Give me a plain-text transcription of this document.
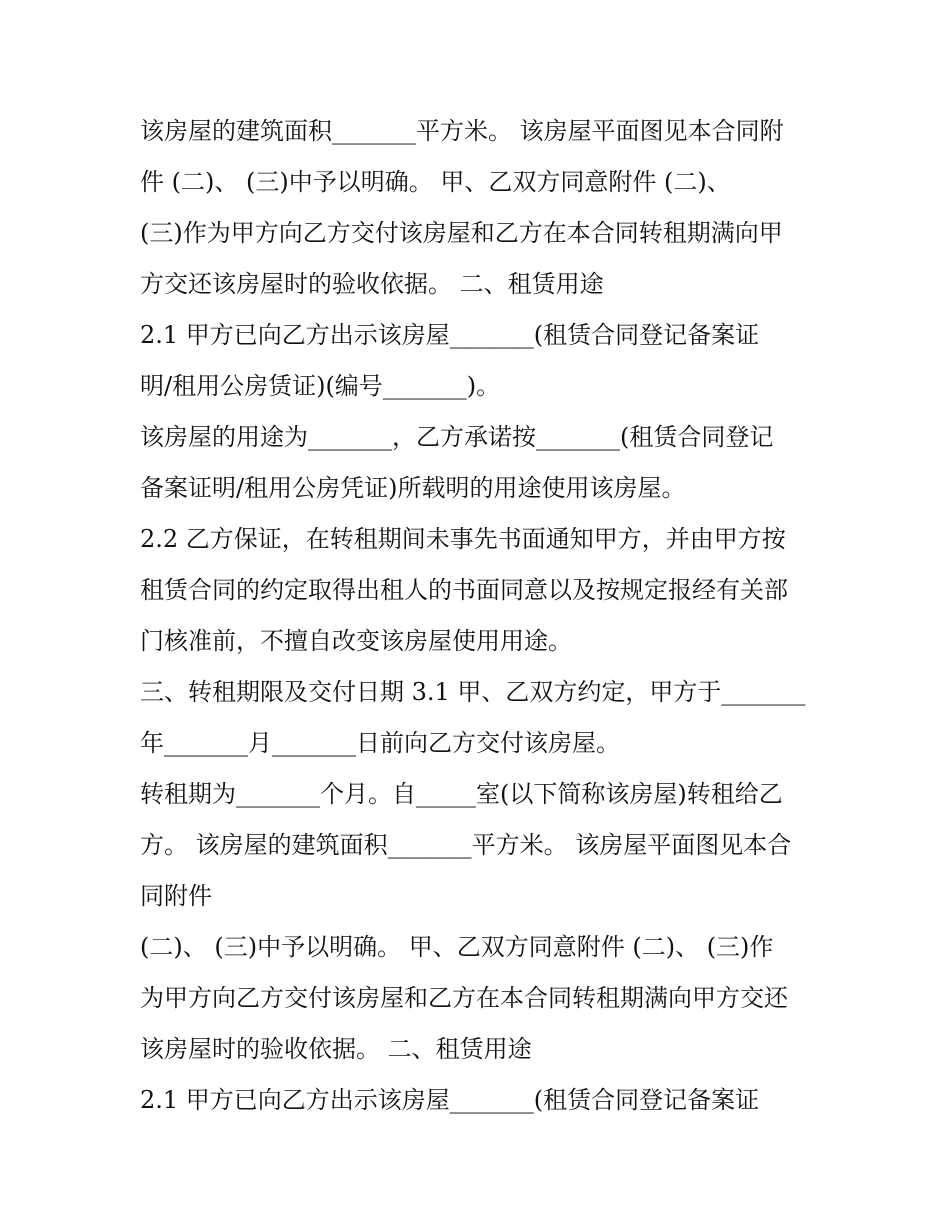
该房屋的建筑面积_______平方米。 该房屋平面图见本合同附
件 (二)、 (三)中予以明确。 甲、乙双方同意附件 (二)、
(三)作为甲方向乙方交付该房屋和乙方在本合同转租期满向甲
方交还该房屋时的验收依据。 二、租赁用途
2.1 甲方已向乙方出示该房屋_______(租赁合同登记备案证
明/租用公房赁证)(编号_______)。
该房屋的用途为_______，乙方承诺按_______(租赁合同登记
备案证明/租用公房凭证)所载明的用途使用该房屋。
2.2 乙方保证，在转租期间未事先书面通知甲方，并由甲方按
租赁合同的约定取得出租人的书面同意以及按规定报经有关部
门核准前，不擅自改变该房屋使用用途。
三、转租期限及交付日期 3.1 甲、乙双方约定，甲方于_______
年_______月_______日前向乙方交付该房屋。
转租期为_______个月。自_____室(以下简称该房屋)转租给乙
方。 该房屋的建筑面积_______平方米。 该房屋平面图见本合
同附件
(二)、 (三)中予以明确。 甲、乙双方同意附件 (二)、 (三)作
为甲方向乙方交付该房屋和乙方在本合同转租期满向甲方交还
该房屋时的验收依据。 二、租赁用途
2.1 甲方已向乙方出示该房屋_______(租赁合同登记备案证
